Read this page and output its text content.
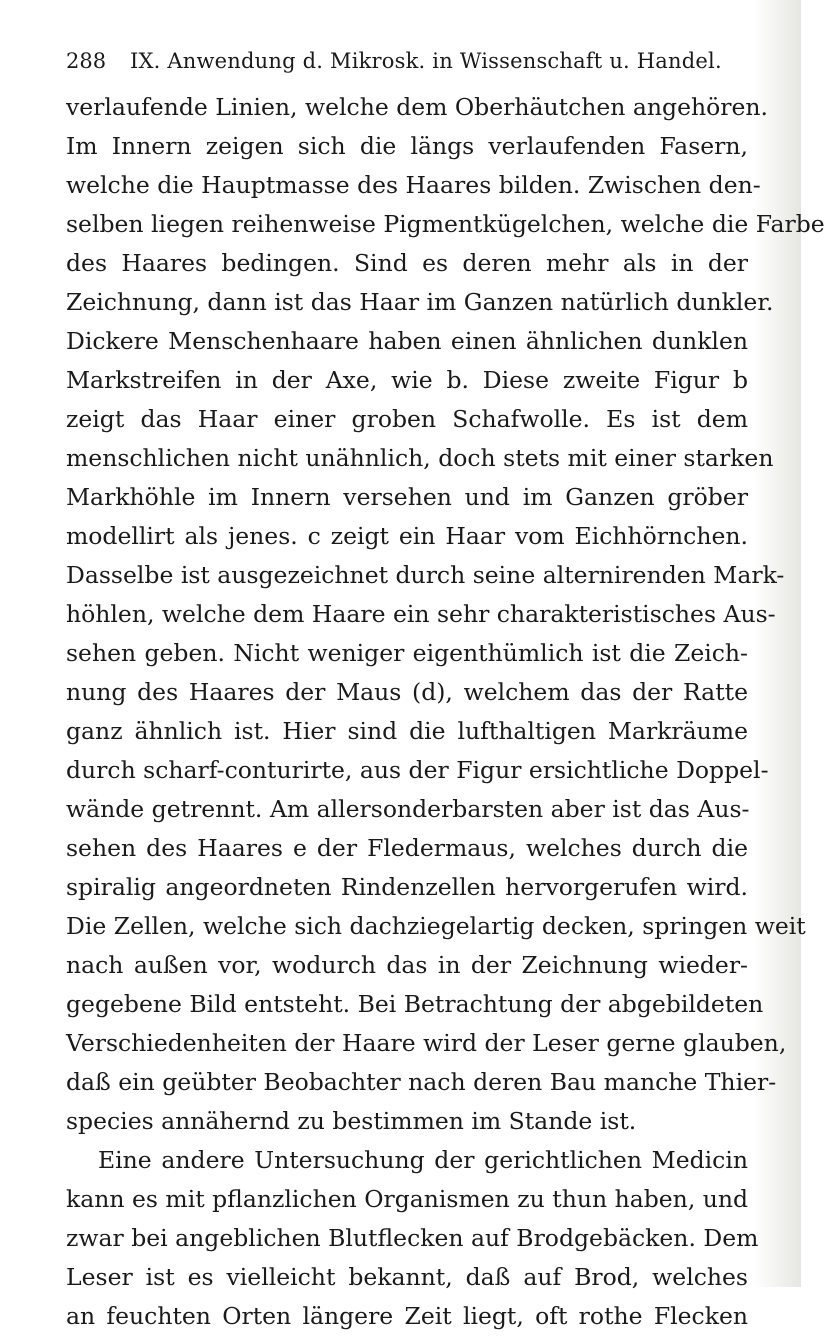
288 IX. Anwendung d. Mikrosk. in Wissenschaft u. Handel.
verlaufende Linien, welche dem Oberhäutchen angehören.
Im Innern zeigen sich die längs verlaufenden Fasern,
welche die Hauptmasse des Haares bilden. Zwischen den-
selben liegen reihenweise Pigmentkügelchen, welche die Farbe
des Haares bedingen. Sind es deren mehr als in der
Zeichnung, dann ist das Haar im Ganzen natürlich dunkler.
Dickere Menschenhaare haben einen ähnlichen dunklen
Markstreifen in der Axe, wie b. Diese zweite Figur b
zeigt das Haar einer groben Schafwolle. Es ist dem
menschlichen nicht unähnlich, doch stets mit einer starken
Markhöhle im Innern versehen und im Ganzen gröber
modellirt als jenes. c zeigt ein Haar vom Eichhörnchen.
Dasselbe ist ausgezeichnet durch seine alternirenden Mark-
höhlen, welche dem Haare ein sehr charakteristisches Aus-
sehen geben. Nicht weniger eigenthümlich ist die Zeich-
nung des Haares der Maus (d), welchem das der Ratte
ganz ähnlich ist. Hier sind die lufthaltigen Markräume
durch scharf-conturirte, aus der Figur ersichtliche Doppel-
wände getrennt. Am allersonderbarsten aber ist das Aus-
sehen des Haares e der Fledermaus, welches durch die
spiralig angeordneten Rindenzellen hervorgerufen wird.
Die Zellen, welche sich dachziegelartig decken, springen weit
nach außen vor, wodurch das in der Zeichnung wieder-
gegebene Bild entsteht. Bei Betrachtung der abgebildeten
Verschiedenheiten der Haare wird der Leser gerne glauben,
daß ein geübter Beobachter nach deren Bau manche Thier-
species annähernd zu bestimmen im Stande ist.
Eine andere Untersuchung der gerichtlichen Medicin
kann es mit pflanzlichen Organismen zu thun haben, und
zwar bei angeblichen Blutflecken auf Brodgebäcken. Dem
Leser ist es vielleicht bekannt, daß auf Brod, welches
an feuchten Orten längere Zeit liegt, oft rothe Flecken
